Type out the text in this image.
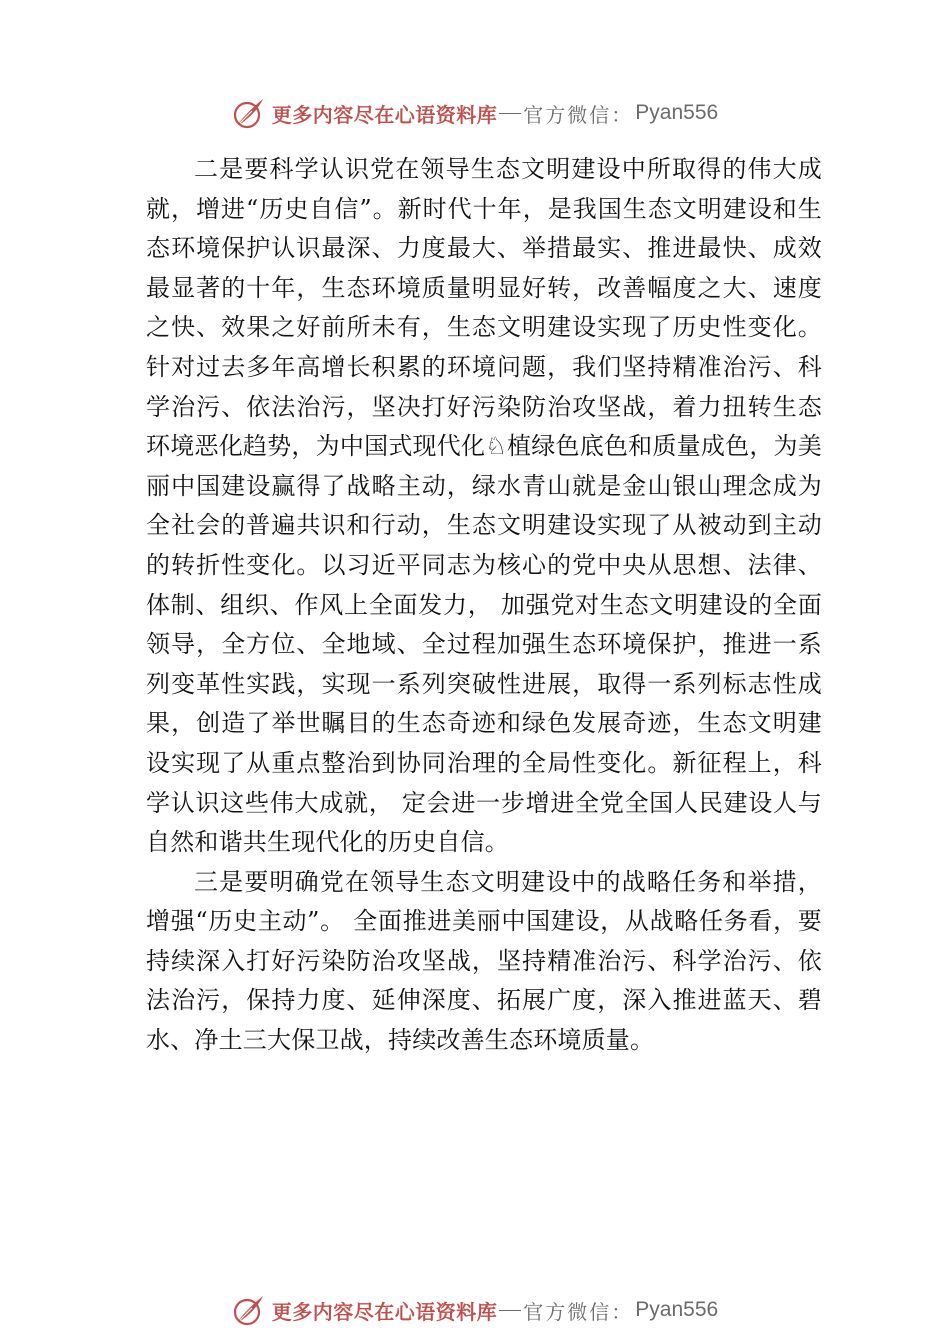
更多内容尽在心语资料库 官方微信： Pyan556

二是要科学认识党在领导生态文明建设中所取得的伟大成就，增进“历史自信”。新时代十年，是我国生态文明建设和生态环境保护认识最深、力度最大、举措最实、推进最快、成效最显著的十年，生态环境质量明显好转，改善幅度之大、速度之快、效果之好前所未有，生态文明建设实现了历史性变化。针对过去多年高增长积累的环境问题，我们坚持精准治污、科学治污、依法治污，坚决打好污染防治攻坚战，着力扭转生态环境恶化趋势，为中国式现代化♘植绿色底色和质量成色，为美丽中国建设赢得了战略主动，绿水青山就是金山银山理念成为全社会的普遍共识和行动，生态文明建设实现了从被动到主动的转折性变化。以习近平同志为核心的党中央从思想、法律、体制、组织、作风上全面发力， 加强党对生态文明建设的全面领导，全方位、全地域、全过程加强生态环境保护，推进一系列变革性实践，实现一系列突破性进展，取得一系列标志性成果，创造了举世瞩目的生态奇迹和绿色发展奇迹，生态文明建设实现了从重点整治到协同治理的全局性变化。新征程上，科学认识这些伟大成就， 定会进一步增进全党全国人民建设人与自然和谐共生现代化的历史自信。

三是要明确党在领导生态文明建设中的战略任务和举措，增强“历史主动”。 全面推进美丽中国建设，从战略任务看，要持续深入打好污染防治攻坚战，坚持精准治污、科学治污、依法治污，保持力度、延伸深度、拓展广度，深入推进蓝天、碧水、净土三大保卫战，持续改善生态环境质量。

更多内容尽在心语资料库 官方微信： Pyan556
